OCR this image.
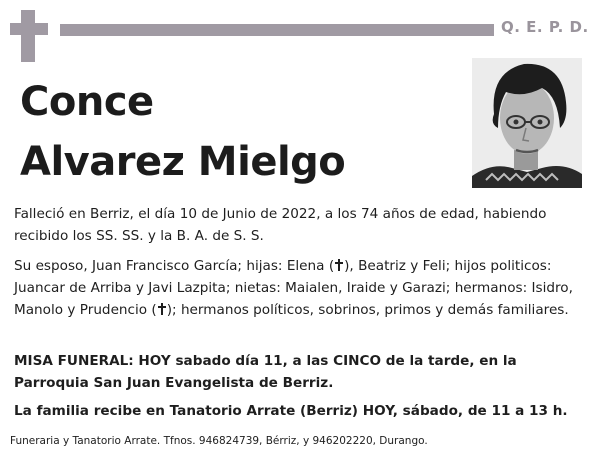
Q. E. P. D.
Conce
Alvarez Mielgo
Falleció en Berriz, el día 10 de Junio de 2022, a los 74 años de edad, habiendo recibido los SS. SS. y la B. A. de S. S.
Su esposo, Juan Francisco García; hijas: Elena ( ), Beatriz y Feli; hijos politicos: Juancar de Arriba y Javi Lazpita; nietas: Maialen, Iraide y Garazi; hermanos: Isidro, Manolo y Prudencio ( ); hermanos políticos, sobrinos, primos y demás familiares.
MISA FUNERAL: HOY sabado día 11, a las CINCO de la tarde, en la Parroquia San Juan Evangelista de Berriz.
La familia recibe en Tanatorio Arrate (Berriz) HOY, sábado, de 11 a 13 h.
Funeraria y Tanatorio Arrate. Tfnos. 946824739, Bérriz, y 946202220, Durango.
